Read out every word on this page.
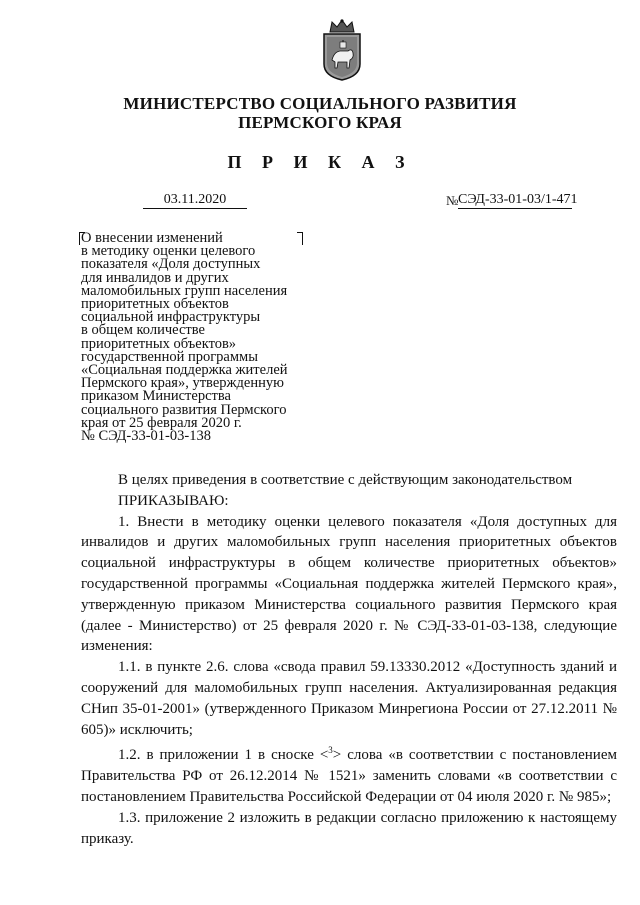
МИНИСТЕРСТВО СОЦИАЛЬНОГО РАЗВИТИЯ
ПЕРМСКОГО КРАЯ
П Р И К А З
03.11.2020	№ СЭД-33-01-03/1-471
О внесении изменений
в методику оценки целевого
показателя «Доля доступных
для инвалидов и других
маломобильных групп населения
приоритетных объектов
социальной инфраструктуры
в общем количестве
приоритетных объектов»
государственной программы
«Социальная поддержка жителей
Пермского края», утвержденную
приказом Министерства
социального развития Пермского
края от 25 февраля 2020 г.
№ СЭД-33-01-03-138

В целях приведения в соответствие с действующим законодательством

ПРИКАЗЫВАЮ:

1. Внести в методику оценки целевого показателя «Доля доступных для инвалидов и других маломобильных групп населения приоритетных объектов социальной инфраструктуры в общем количестве приоритетных объектов» государственной программы «Социальная поддержка жителей Пермского края», утвержденную приказом Министерства социального развития Пермского края (далее - Министерство) от 25 февраля 2020 г. № СЭД-33-01-03-138, следующие изменения:

1.1. в пункте 2.6. слова «свода правил 59.13330.2012 «Доступность зданий и сооружений для маломобильных групп населения. Актуализированная редакция СНип 35-01-2001» (утвержденного Приказом Минрегиона России от 27.12.2011 № 605)» исключить;

1.2. в приложении 1 в сноске <$^3$> слова «в соответствии с постановлением Правительства РФ от 26.12.2014 № 1521» заменить словами «в соответствии с постановлением Правительства Российской Федерации от 04 июля 2020 г. № 985»;

1.3. приложение 2 изложить в редакции согласно приложению к настоящему приказу.
